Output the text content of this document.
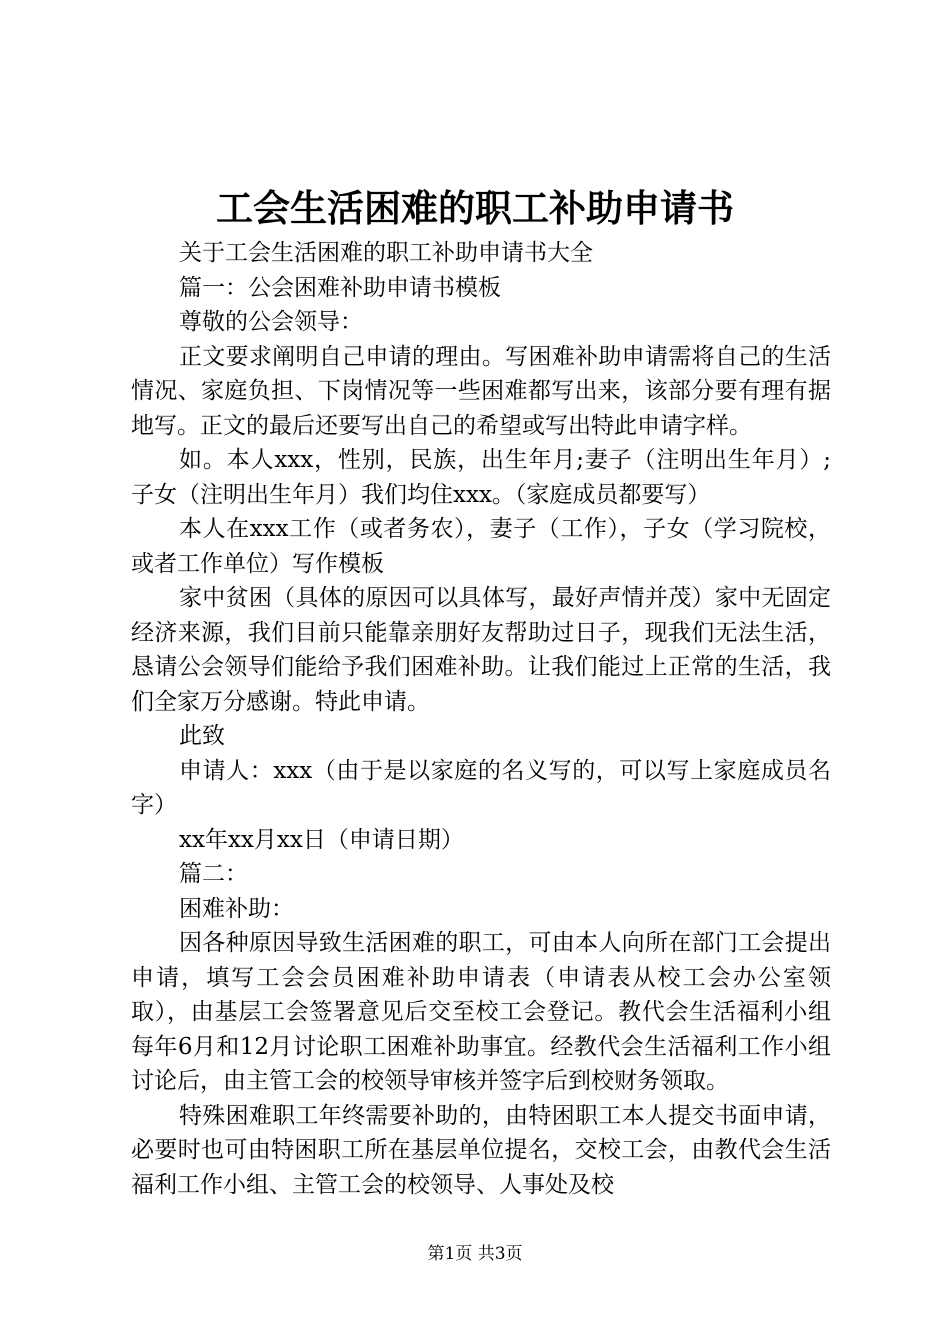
工会生活困难的职工补助申请书

关于工会生活困难的职工补助申请书大全

篇一：公会困难补助申请书模板

尊敬的公会领导：

正文要求阐明自己申请的理由。写困难补助申请需将自己的生活情况、家庭负担、下岗情况等一些困难都写出来，该部分要有理有据地写。正文的最后还要写出自己的希望或写出特此申请字样。

如。本人xxx，性别，民族，出生年月;妻子（注明出生年月）;子女（注明出生年月）我们均住xxx。（家庭成员都要写）

本人在xxx工作（或者务农），妻子（工作），子女（学习院校，或者工作单位）写作模板

家中贫困（具体的原因可以具体写，最好声情并茂）家中无固定经济来源，我们目前只能靠亲朋好友帮助过日子，现我们无法生活，恳请公会领导们能给予我们困难补助。让我们能过上正常的生活，我们全家万分感谢。特此申请。

此致

申请人：xxx（由于是以家庭的名义写的，可以写上家庭成员名字）

xx年xx月xx日（申请日期）

篇二：

困难补助：

因各种原因导致生活困难的职工，可由本人向所在部门工会提出申请，填写工会会员困难补助申请表（申请表从校工会办公室领取），由基层工会签署意见后交至校工会登记。教代会生活福利小组每年6月和12月讨论职工困难补助事宜。经教代会生活福利工作小组讨论后，由主管工会的校领导审核并签字后到校财务领取。

特殊困难职工年终需要补助的，由特困职工本人提交书面申请，必要时也可由特困职工所在基层单位提名，交校工会，由教代会生活福利工作小组、主管工会的校领导、人事处及校

第1页 共3页
